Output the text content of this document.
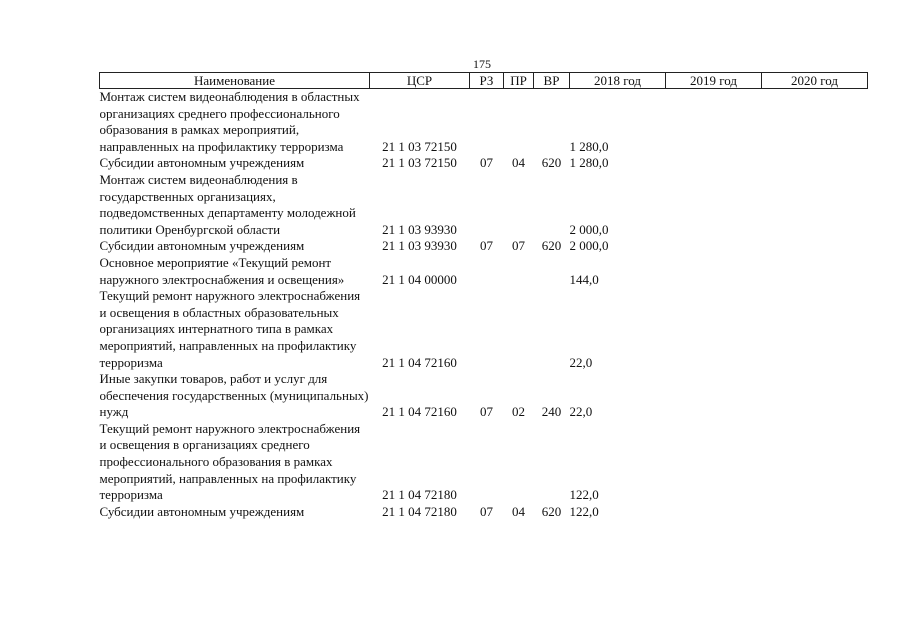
175
Наименование	ЦСР	РЗ	ПР	ВР	2018 год	2019 год	2020 год
Монтаж систем видеонаблюдения в областных организациях среднего профессионального образования в рамках мероприятий, направленных на профилактику терроризма	21 1 03 72150				1 280,0		
Субсидии автономным учреждениям	21 1 03 72150	07	04	620	1 280,0		
Монтаж систем видеонаблюдения в государственных организациях, подведомственных департаменту молодежной политики Оренбургской области	21 1 03 93930				2 000,0		
Субсидии автономным учреждениям	21 1 03 93930	07	07	620	2 000,0		
Основное мероприятие «Текущий ремонт наружного электроснабжения и освещения»	21 1 04 00000				144,0		
Текущий ремонт наружного электроснабжения и освещения в областных образовательных организациях интернатного типа в рамках мероприятий, направленных на профилактику терроризма	21 1 04 72160				22,0		
Иные закупки товаров, работ и услуг для обеспечения государственных (муниципальных) нужд	21 1 04 72160	07	02	240	22,0		
Текущий ремонт наружного электроснабжения и освещения в организациях среднего профессионального образования в рамках мероприятий, направленных на профилактику терроризма	21 1 04 72180				122,0		
Субсидии автономным учреждениям	21 1 04 72180	07	04	620	122,0		
